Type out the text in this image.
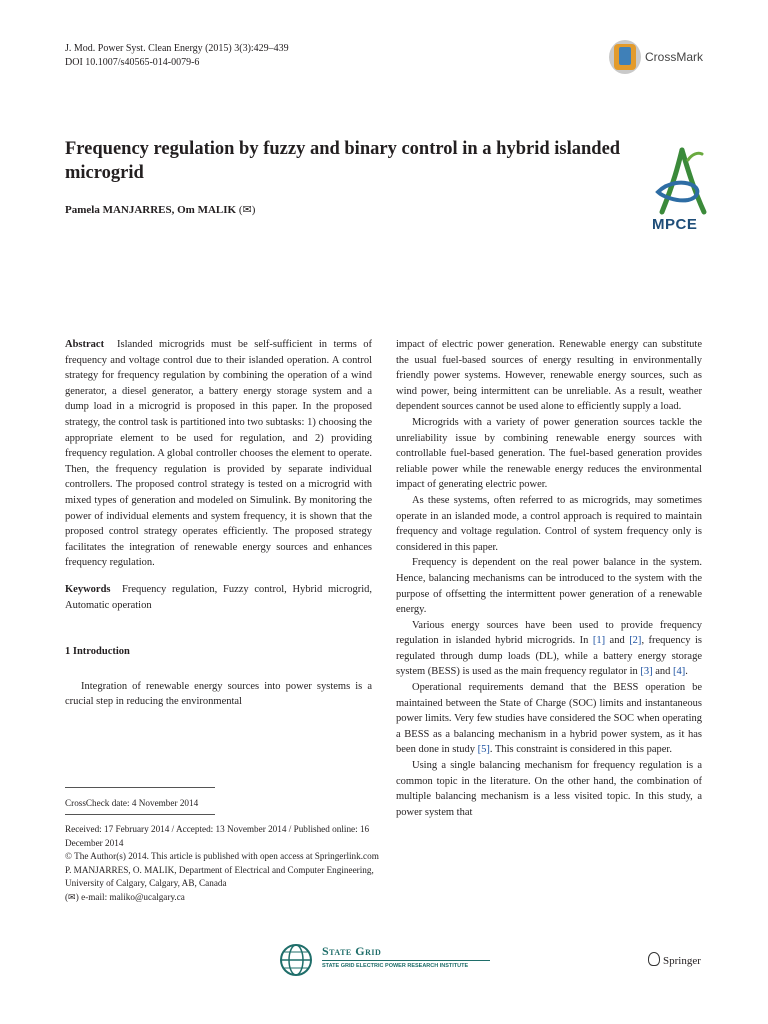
J. Mod. Power Syst. Clean Energy (2015) 3(3):429–439
DOI 10.1007/s40565-014-0079-6	CrossMark
Frequency regulation by fuzzy and binary control in a hybrid islanded microgrid
Pamela MANJARRES, Om MALIK (✉)
MPCE

Abstract Islanded microgrids must be self-sufficient in terms of frequency and voltage control due to their islanded operation. A control strategy for frequency regulation by combining the operation of a wind generator, a diesel generator, a battery energy storage system and a dump load in a microgrid is proposed in this paper. In the proposed strategy, the control task is partitioned into two subtasks: 1) choosing the appropriate element to be used for regulation, and 2) providing frequency regulation. A global controller chooses the element to operate. Then, the frequency regulation is provided by separate individual controllers. The proposed control strategy is tested on a microgrid with mixed types of generation and modeled on Simulink. By monitoring the power of individual elements and system frequency, it is shown that the proposed control strategy operates efficiently. The proposed strategy facilitates the integration of renewable energy sources and enhances frequency regulation.

Keywords Frequency regulation, Fuzzy control, Hybrid microgrid, Automatic operation

1 Introduction

Integration of renewable energy sources into power systems is a crucial step in reducing the environmental

CrossCheck date: 4 November 2014
Received: 17 February 2014 / Accepted: 13 November 2014 / Published online: 16 December 2014
© The Author(s) 2014. This article is published with open access at Springerlink.com
P. MANJARRES, O. MALIK, Department of Electrical and Computer Engineering, University of Calgary, Calgary, AB, Canada
(✉) e-mail: maliko@ucalgary.ca

impact of electric power generation. Renewable energy can substitute the usual fuel-based sources of energy resulting in environmentally friendly power systems. However, renewable energy sources, such as wind power, being intermittent can be unreliable. As a result, weather dependent sources cannot be used alone to efficiently supply a load.

Microgrids with a variety of power generation sources tackle the unreliability issue by combining renewable energy sources with controllable fuel-based generation. The fuel-based generation provides reliable power while the renewable energy reduces the environmental impact of generating electric power.

As these systems, often referred to as microgrids, may sometimes operate in an islanded mode, a control approach is required to maintain frequency and voltage regulation. Control of system frequency only is considered in this paper.

Frequency is dependent on the real power balance in the system. Hence, balancing mechanisms can be introduced to the system with the purpose of offsetting the intermittent power generation of a renewable energy.

Various energy sources have been used to provide frequency regulation in islanded hybrid microgrids. In [1] and [2], frequency is regulated through dump loads (DL), while a battery energy storage system (BESS) is used as the main frequency regulator in [3] and [4].

Operational requirements demand that the BESS operation be maintained between the State of Charge (SOC) limits and instantaneous power limits. Very few studies have considered the SOC when operating a BESS as a balancing mechanism in a hybrid power system, as it has been done in study [5]. This constraint is considered in this paper.

Using a single balancing mechanism for frequency regulation is a common topic in the literature. On the other hand, the combination of multiple balancing mechanism is a less visited topic. In this study, a power system that

State Grid
STATE GRID ELECTRIC POWER RESEARCH INSTITUTE	Springer
